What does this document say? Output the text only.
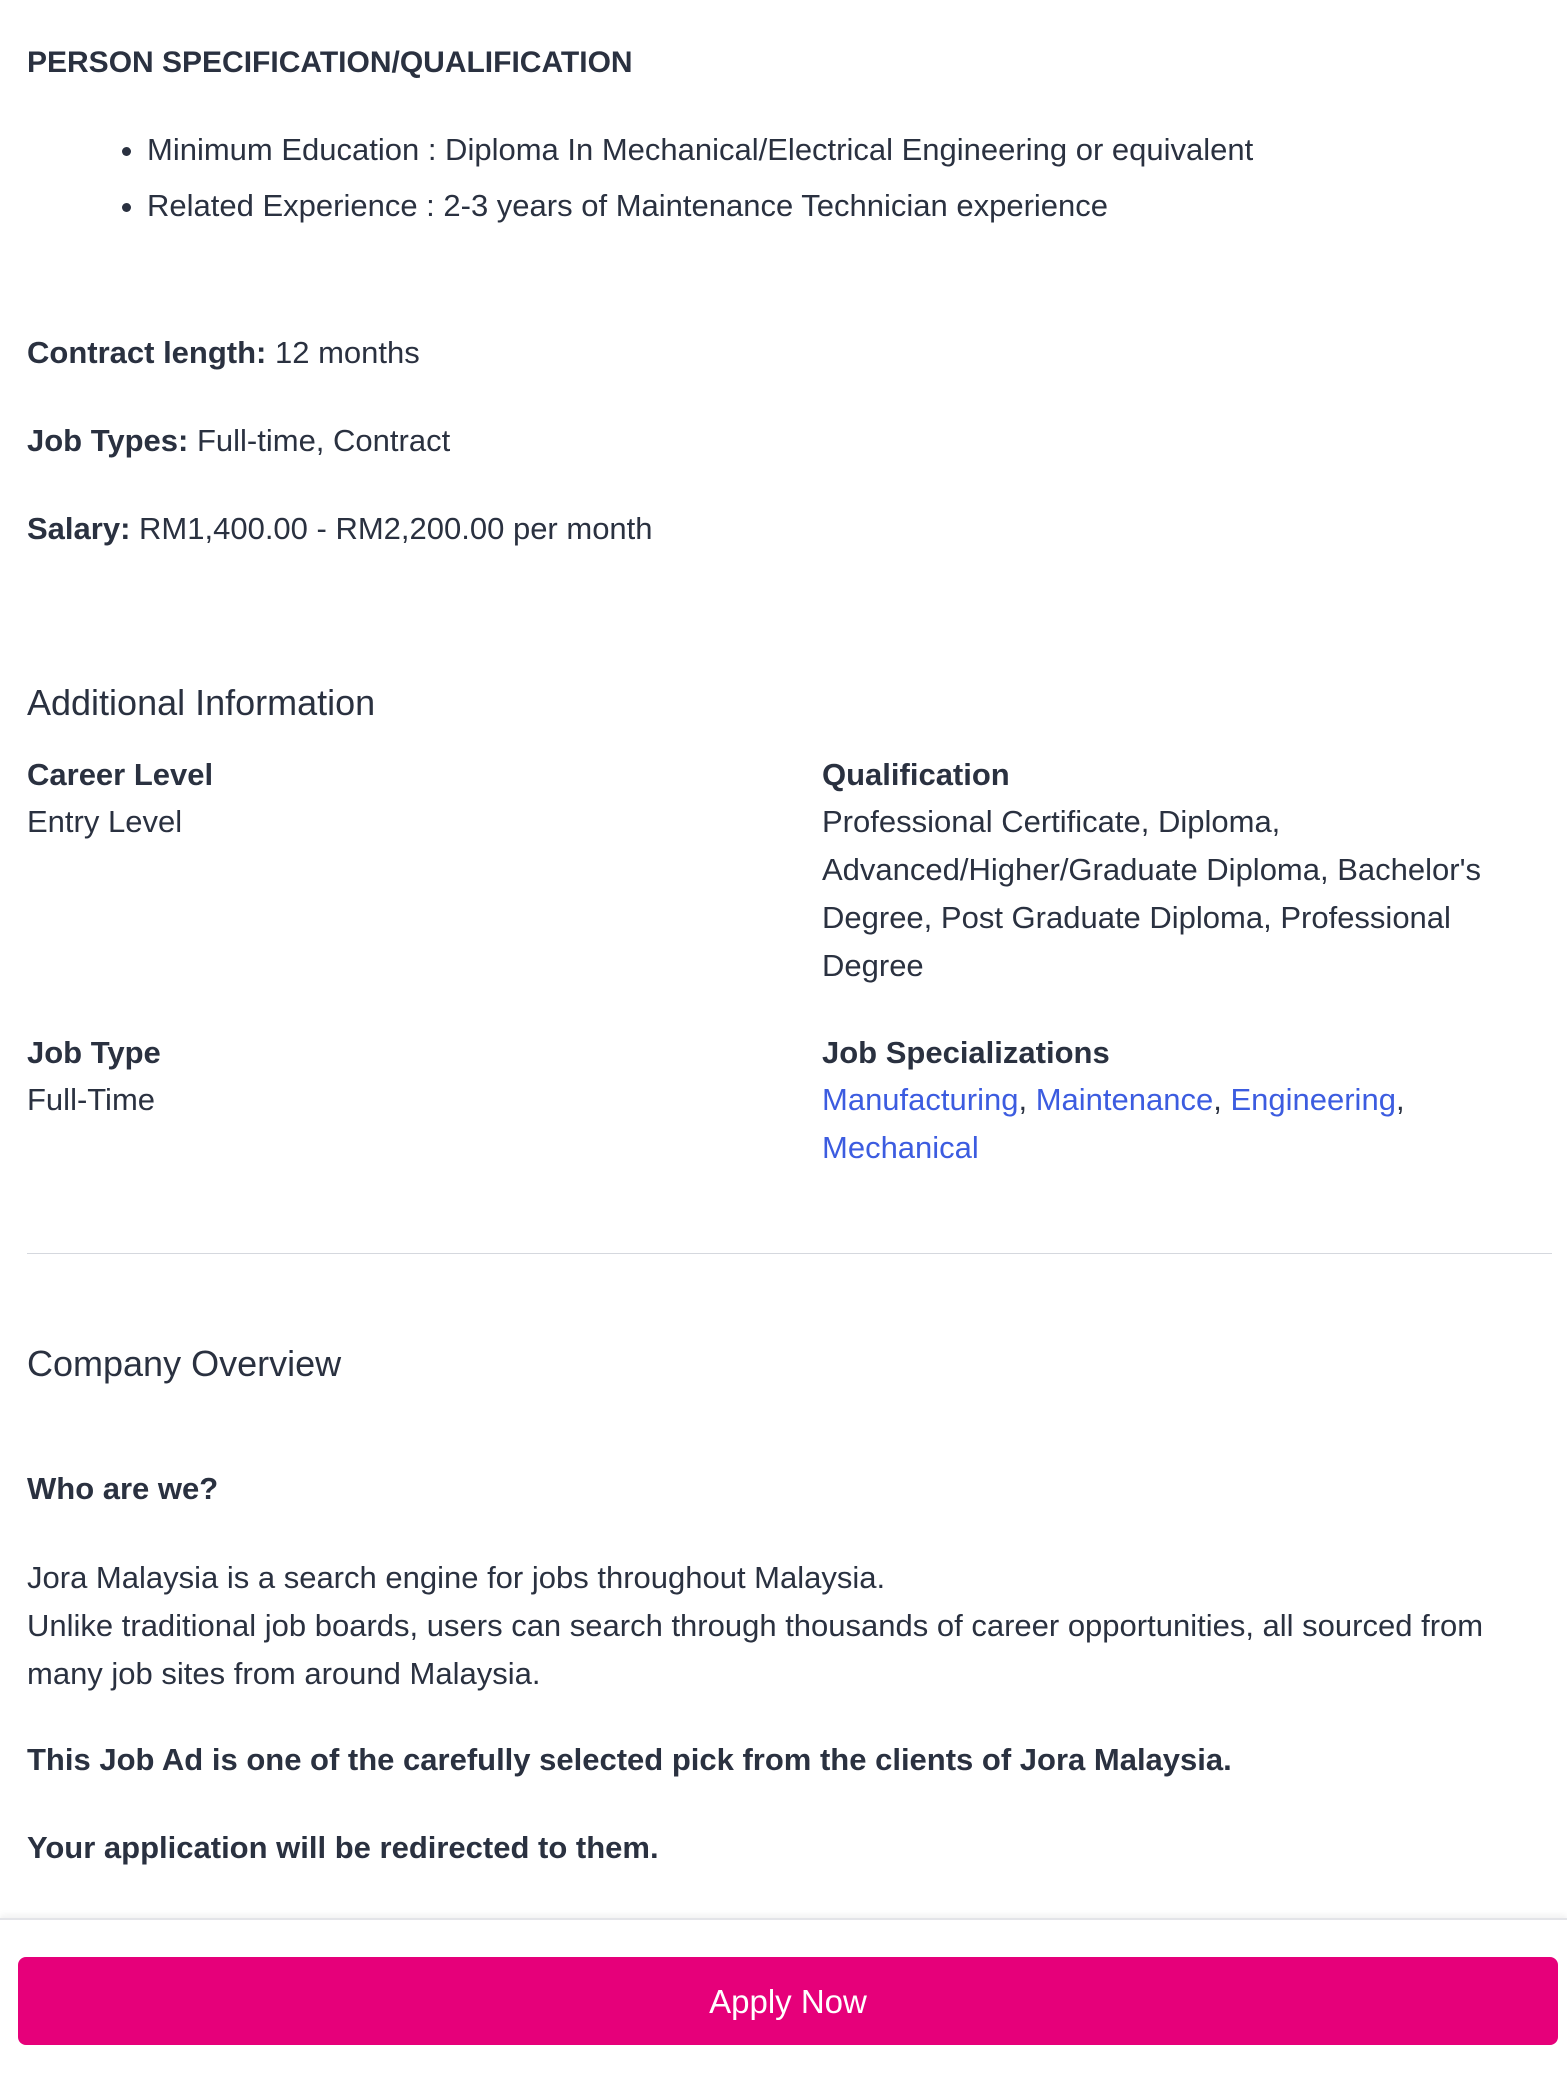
PERSON SPECIFICATION/QUALIFICATION
• Minimum Education : Diploma In Mechanical/Electrical Engineering or equivalent
• Related Experience : 2-3 years of Maintenance Technician experience
Contract length: 12 months
Job Types: Full-time, Contract
Salary: RM1,400.00 - RM2,200.00 per month
Additional Information
Career Level
Entry Level
Qualification
Professional Certificate, Diploma, Advanced/Higher/Graduate Diploma, Bachelor's Degree, Post Graduate Diploma, Professional Degree
Job Type
Full-Time
Job Specializations
Manufacturing, Maintenance, Engineering, Mechanical
Company Overview
Who are we?
Jora Malaysia is a search engine for jobs throughout Malaysia.
Unlike traditional job boards, users can search through thousands of career opportunities, all sourced from many job sites from around Malaysia.
This Job Ad is one of the carefully selected pick from the clients of Jora Malaysia.
Your application will be redirected to them.
Apply Now
